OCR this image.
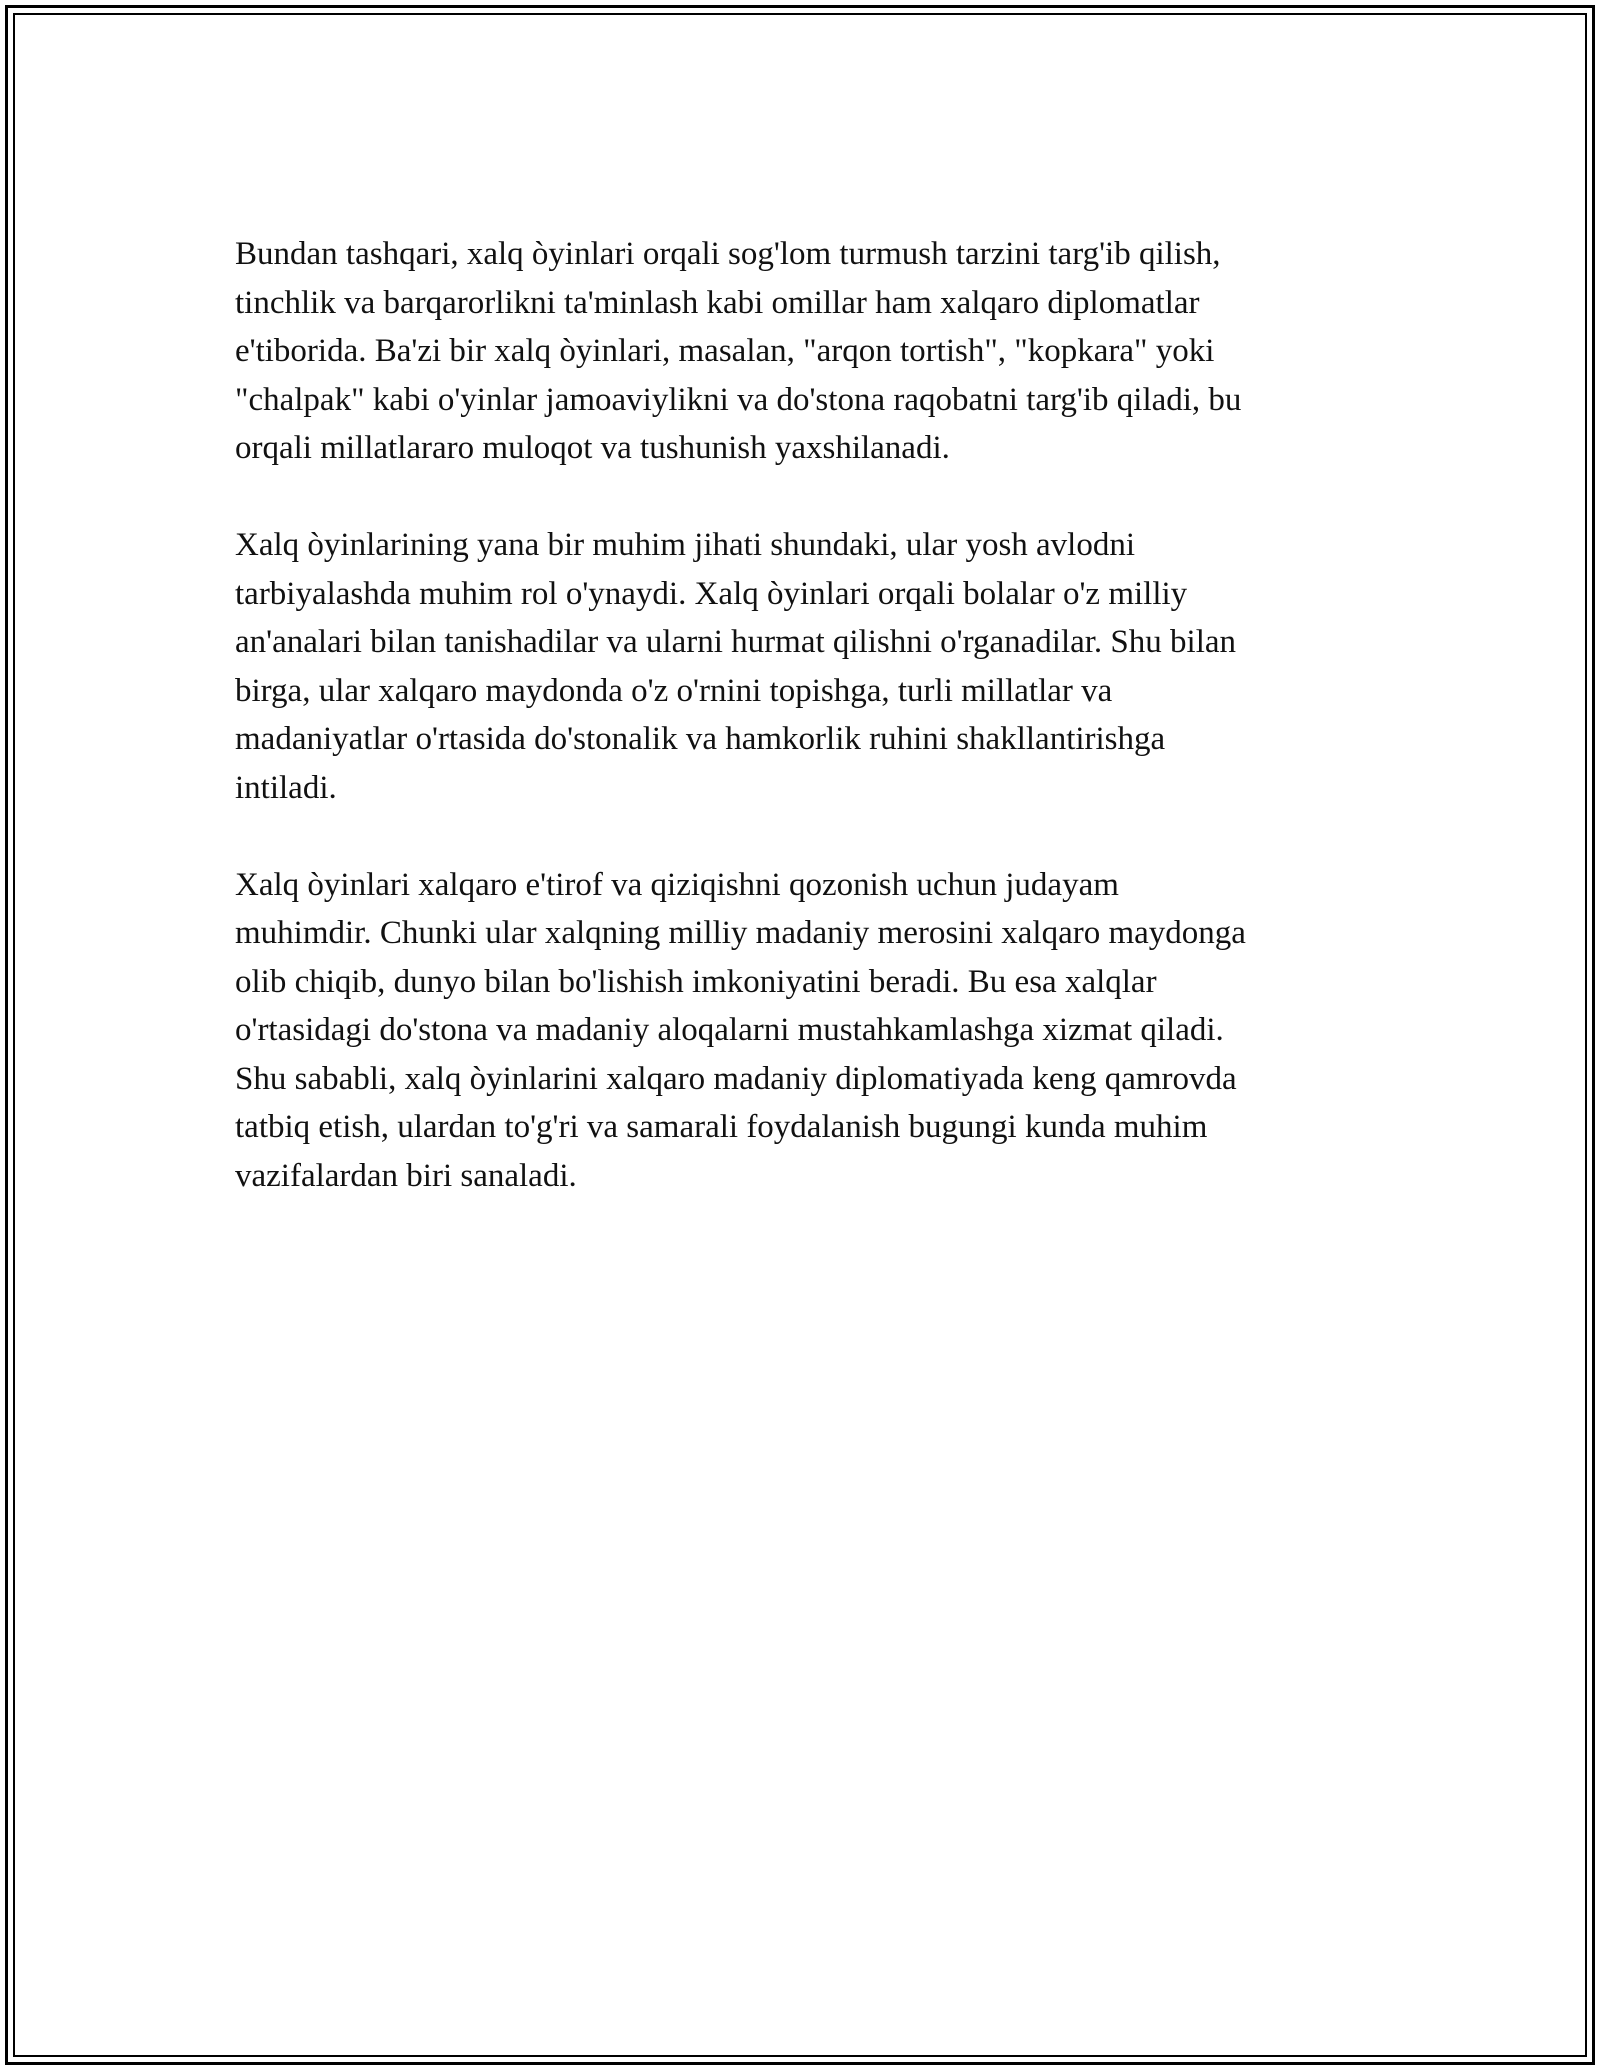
Bundan tashqari, xalq òyinlari orqali sog'lom turmush tarzini targ'ib qilish,
tinchlik va barqarorlikni ta'minlash kabi omillar ham xalqaro diplomatlar
e'tiborida. Ba'zi bir xalq òyinlari, masalan, "arqon tortish", "kopkara" yoki
"chalpak" kabi o'yinlar jamoaviylikni va do'stona raqobatni targ'ib qiladi, bu
orqali millatlararo muloqot va tushunish yaxshilanadi.

Xalq òyinlarining yana bir muhim jihati shundaki, ular yosh avlodni
tarbiyalashda muhim rol o'ynaydi. Xalq òyinlari orqali bolalar o'z milliy
an'analari bilan tanishadilar va ularni hurmat qilishni o'rganadilar. Shu bilan
birga, ular xalqaro maydonda o'z o'rnini topishga, turli millatlar va
madaniyatlar o'rtasida do'stonalik va hamkorlik ruhini shakllantirishga
intiladi.

Xalq òyinlari xalqaro e'tirof va qiziqishni qozonish uchun judayam
muhimdir. Chunki ular xalqning milliy madaniy merosini xalqaro maydonga
olib chiqib, dunyo bilan bo'lishish imkoniyatini beradi. Bu esa xalqlar
o'rtasidagi do'stona va madaniy aloqalarni mustahkamlashga xizmat qiladi.
Shu sababli, xalq òyinlarini xalqaro madaniy diplomatiyada keng qamrovda
tatbiq etish, ulardan to'g'ri va samarali foydalanish bugungi kunda muhim
vazifalardan biri sanaladi.
